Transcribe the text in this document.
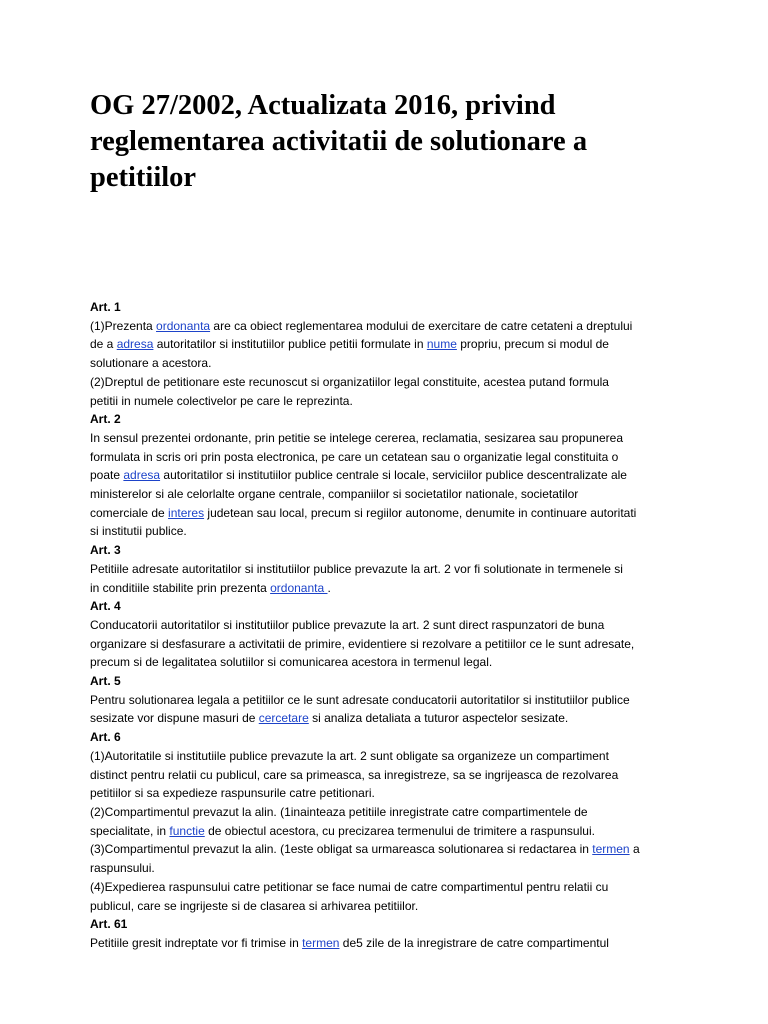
OG 27/2002, Actualizata 2016, privind
reglementarea activitatii de solutionare a
petitiilor
Art. 1
(1)Prezenta ordonanta are ca obiect reglementarea modului de exercitare de catre cetateni a dreptului
de a adresa autoritatilor si institutiilor publice petitii formulate in nume propriu, precum si modul de
solutionare a acestora.
(2)Dreptul de petitionare este recunoscut si organizatiilor legal constituite, acestea putand formula
petitii in numele colectivelor pe care le reprezinta.
Art. 2
In sensul prezentei ordonante, prin petitie se intelege cererea, reclamatia, sesizarea sau propunerea
formulata in scris ori prin posta electronica, pe care un cetatean sau o organizatie legal constituita o
poate adresa autoritatilor si institutiilor publice centrale si locale, serviciilor publice descentralizate ale
ministerelor si ale celorlalte organe centrale, companiilor si societatilor nationale, societatilor
comerciale de interes judetean sau local, precum si regiilor autonome, denumite in continuare autoritati
si institutii publice.
Art. 3
Petitiile adresate autoritatilor si institutiilor publice prevazute la art. 2 vor fi solutionate in termenele si
in conditiile stabilite prin prezenta ordonanta .
Art. 4
Conducatorii autoritatilor si institutiilor publice prevazute la art. 2 sunt direct raspunzatori de buna
organizare si desfasurare a activitatii de primire, evidentiere si rezolvare a petitiilor ce le sunt adresate,
precum si de legalitatea solutiilor si comunicarea acestora in termenul legal.
Art. 5
Pentru solutionarea legala a petitiilor ce le sunt adresate conducatorii autoritatilor si institutiilor publice
sesizate vor dispune masuri de cercetare si analiza detaliata a tuturor aspectelor sesizate.
Art. 6
(1)Autoritatile si institutiile publice prevazute la art. 2 sunt obligate sa organizeze un compartiment
distinct pentru relatii cu publicul, care sa primeasca, sa inregistreze, sa se ingrijeasca de rezolvarea
petitiilor si sa expedieze raspunsurile catre petitionari.
(2)Compartimentul prevazut la alin. (1inainteaza petitiile inregistrate catre compartimentele de
specialitate, in functie de obiectul acestora, cu precizarea termenului de trimitere a raspunsului.
(3)Compartimentul prevazut la alin. (1este obligat sa urmareasca solutionarea si redactarea in termen a
raspunsului.
(4)Expedierea raspunsului catre petitionar se face numai de catre compartimentul pentru relatii cu
publicul, care se ingrijeste si de clasarea si arhivarea petitiilor.
Art. 61
Petitiile gresit indreptate vor fi trimise in termen de5 zile de la inregistrare de catre compartimentul
